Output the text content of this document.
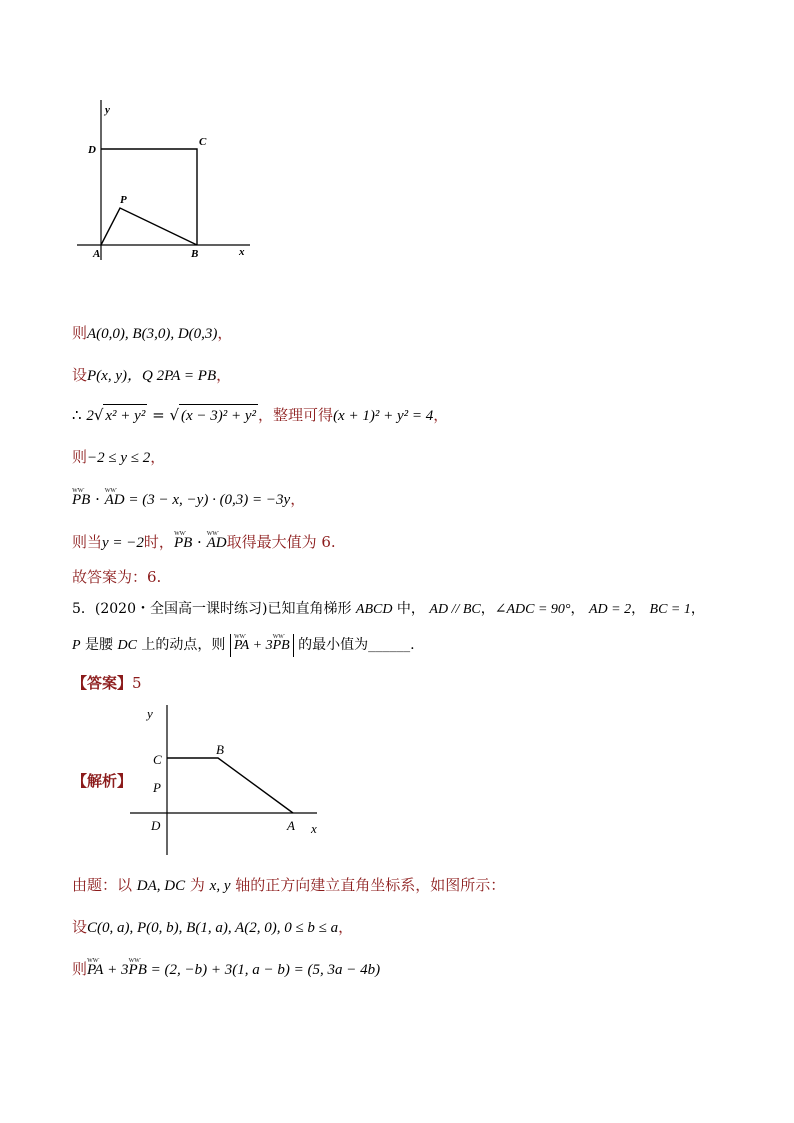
y
x
D
C
P
A	B
则A(0,0), B(3,0), D(0,3)，
设P(x, y)，Q 2PA = PB，
∴ 2√ x² + y² = √ (x − 3)² + y² ，整理可得(x + 1)² + y² = 4，
则−2 ≤ y ≤ 2，
ⱳⱳ PB · ⱳⱳ AD = (3 − x, −y) · (0,3) = −3y，
则当y = −2时，ⱳⱳ PB · ⱳⱳ AD取得最大值为 6.
故答案为：6.
5．(2020・全国高一课时练习)已知直角梯形 ABCD 中， AD // BC，∠ADC = 90°， AD = 2， BC = 1，
P 是腰 DC 上的动点，则 ⱳⱳ PA + 3ⱳⱳ PB 的最小值为______.
【答案】5
【解析】
y
x
C
B
P
D	A
由题：以 DA, DC 为 x, y 轴的正方向建立直角坐标系，如图所示：
设C(0, a), P(0, b), B(1, a), A(2, 0), 0 ≤ b ≤ a，
则ⱳⱳ PA + 3ⱳⱳ PB = (2, −b) + 3(1, a − b) = (5, 3a − 4b)
